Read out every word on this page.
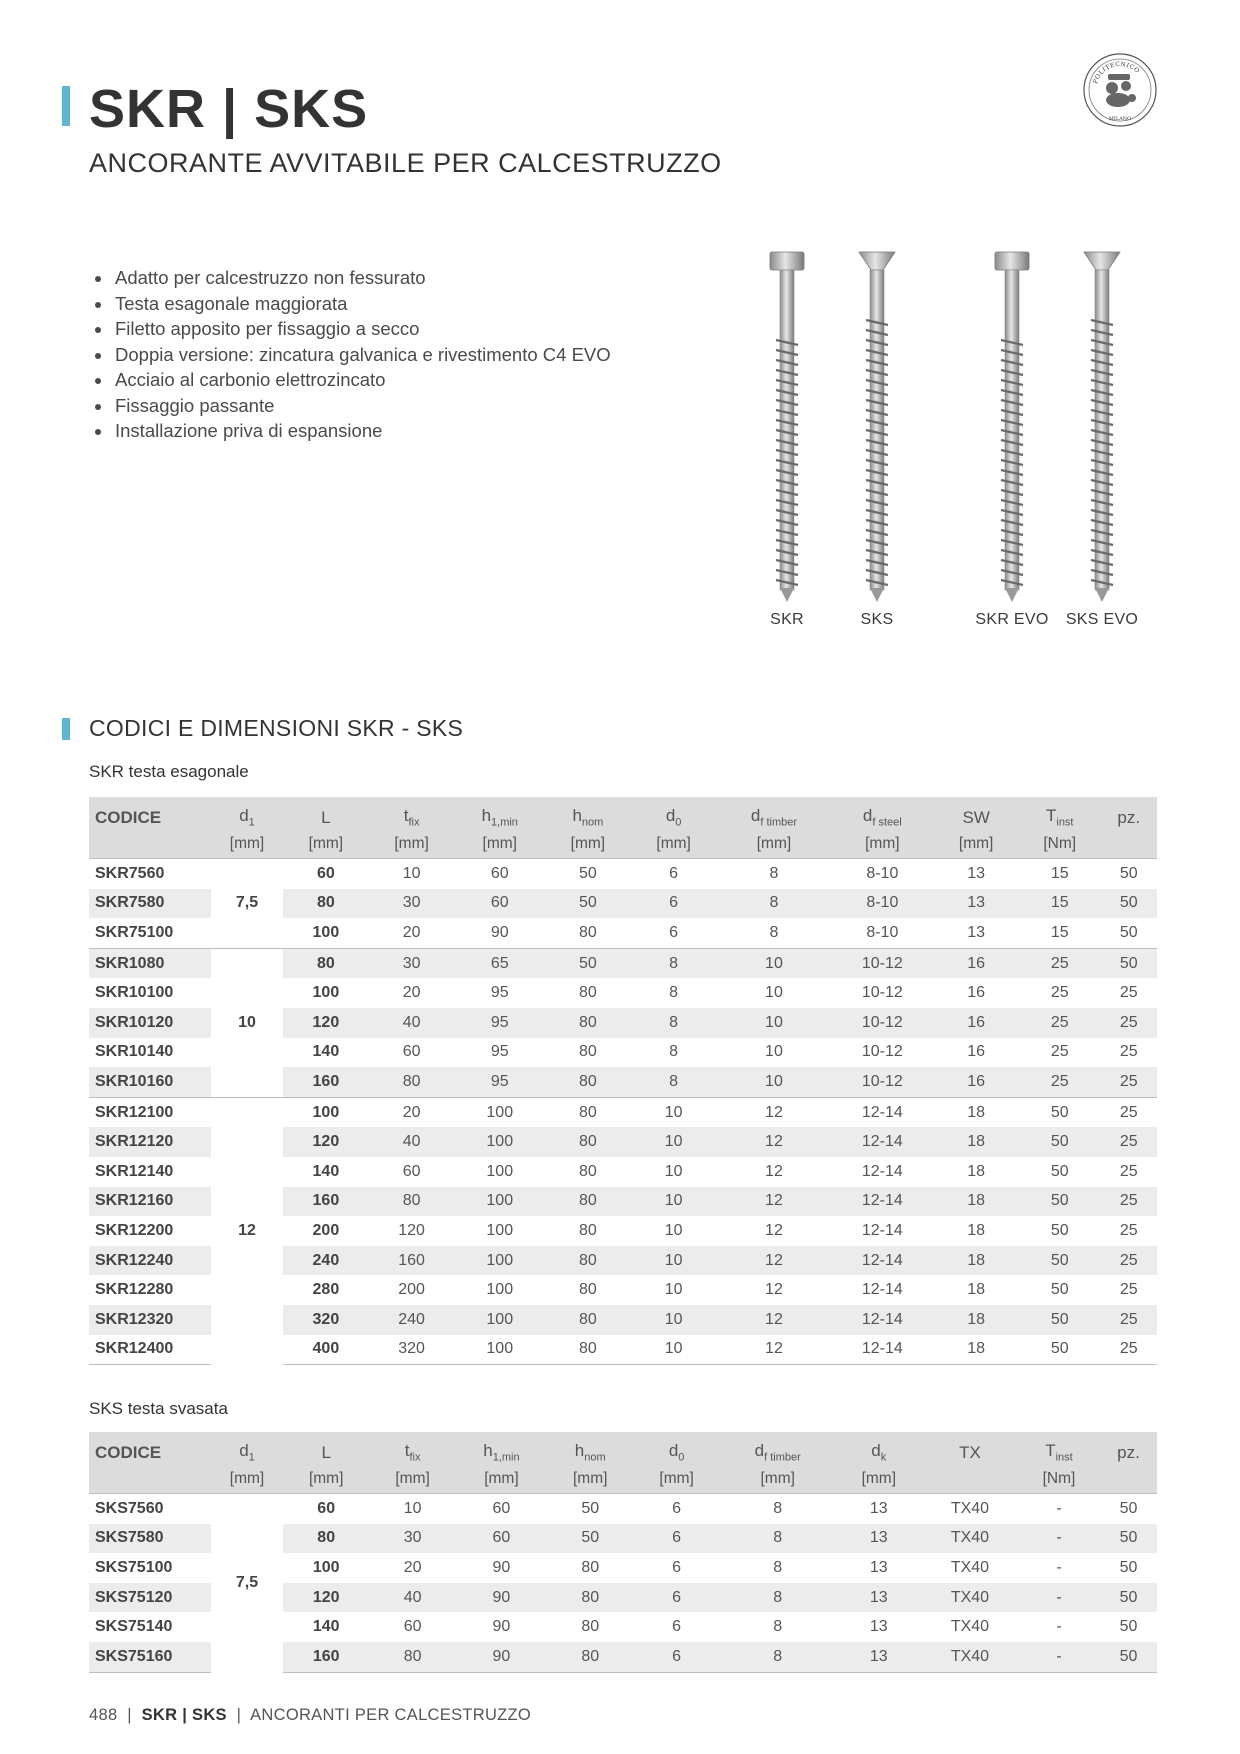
SKR | SKS
ANCORANTE AVVITABILE PER CALCESTRUZZO
POLITECNICO
MILANO
• Adatto per calcestruzzo non fessurato
• Testa esagonale maggiorata
• Filetto apposito per fissaggio a secco
• Doppia versione: zincatura galvanica e rivestimento C4 EVO
• Acciaio al carbonio elettrozincato
• Fissaggio passante
• Installazione priva di espansione
SKR	SKS	SKR EVO	SKS EVO
CODICI E DIMENSIONI SKR - SKS

SKR testa esagonale

CODICE	$d_1$	L	$t_{fix}$	$h_{1,min}$	$h_{nom}$	$d_0$	$d_{f timber}$	$d_{f steel}$	SW	$T_{inst}$	pz.
	[mm]	[mm]	[mm]	[mm]	[mm]	[mm]	[mm]	[mm]	[mm]	[Nm]	
SKR7560	7,5	60	10	60	50	6	8	8-10	13	15	50
SKR7580		80	30	60	50	6	8	8-10	13	15	50
SKR75100		100	20	90	80	6	8	8-10	13	15	50
SKR1080	10	80	30	65	50	8	10	10-12	16	25	50
SKR10100		100	20	95	80	8	10	10-12	16	25	25
SKR10120		120	40	95	80	8	10	10-12	16	25	25
SKR10140		140	60	95	80	8	10	10-12	16	25	25
SKR10160		160	80	95	80	8	10	10-12	16	25	25
SKR12100	12	100	20	100	80	10	12	12-14	18	50	25
SKR12120		120	40	100	80	10	12	12-14	18	50	25
SKR12140		140	60	100	80	10	12	12-14	18	50	25
SKR12160		160	80	100	80	10	12	12-14	18	50	25
SKR12200		200	120	100	80	10	12	12-14	18	50	25
SKR12240		240	160	100	80	10	12	12-14	18	50	25
SKR12280		280	200	100	80	10	12	12-14	18	50	25
SKR12320		320	240	100	80	10	12	12-14	18	50	25
SKR12400		400	320	100	80	10	12	12-14	18	50	25

SKS testa svasata

CODICE	$d_1$	L	$t_{fix}$	$h_{1,min}$	$h_{nom}$	$d_0$	$d_{f timber}$	$d_k$	TX	$T_{inst}$	pz.
	[mm]	[mm]	[mm]	[mm]	[mm]	[mm]	[mm]	[mm]		[Nm]	
SKS7560	7,5	60	10	60	50	6	8	13	TX40	-	50
SKS7580		80	30	60	50	6	8	13	TX40	-	50
SKS75100		100	20	90	80	6	8	13	TX40	-	50
SKS75120		120	40	90	80	6	8	13	TX40	-	50
SKS75140		140	60	90	80	6	8	13	TX40	-	50
SKS75160		160	80	90	80	6	8	13	TX40	-	50

488 | SKR | SKS | ANCORANTI PER CALCESTRUZZO
